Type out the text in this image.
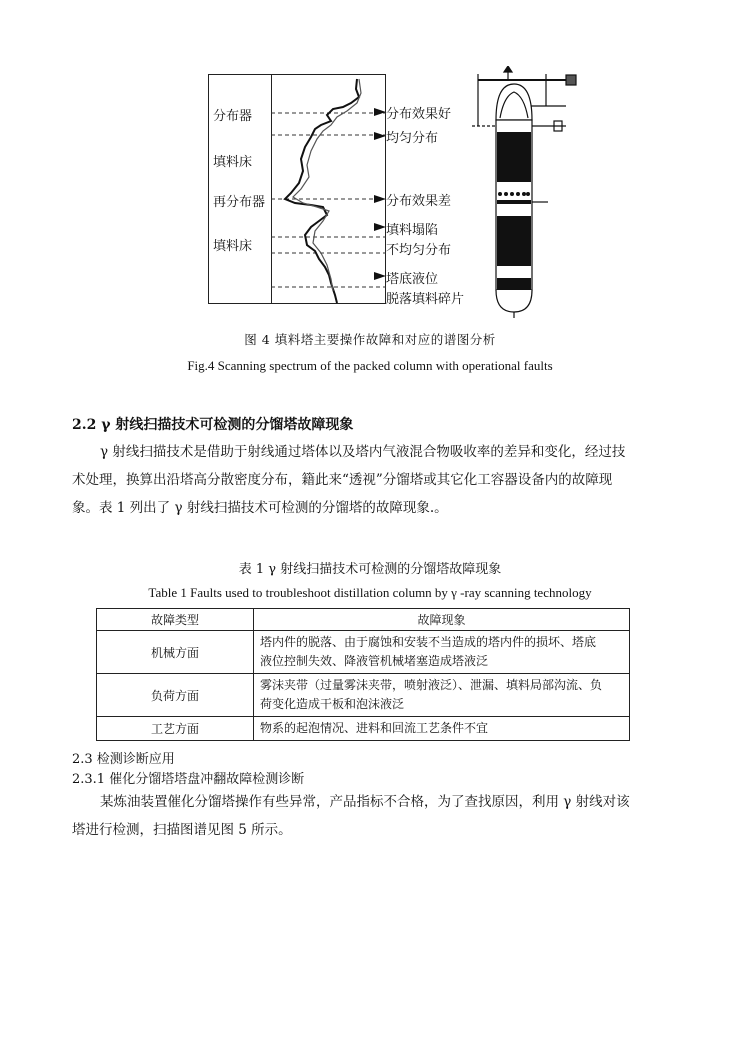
分布器
填料床
再分布器
填料床
分布效果好
均匀分布
分布效果差
填料塌陷
不均匀分布
塔底液位
脱落填料碎片
图 4 填料塔主要操作故障和对应的谱图分析
Fig.4 Scanning spectrum of the packed column with operational faults
2.2 γ 射线扫描技术可检测的分馏塔故障现象
γ 射线扫描技术是借助于射线通过塔体以及塔内气液混合物吸收率的差异和变化，经过技
术处理，换算出沿塔高分散密度分布，籍此来“透视”分馏塔或其它化工容器设备内的故障现
象。表 1 列出了 γ 射线扫描技术可检测的分馏塔的故障现象.。
表 1 γ 射线扫描技术可检测的分馏塔故障现象
Table 1 Faults used to troubleshoot distillation column by γ -ray scanning technology
故障类型	故障现象
机械方面	塔内件的脱落、由于腐蚀和安装不当造成的塔内件的损坏、塔底
液位控制失效、降液管机械堵塞造成塔液泛

负荷方面	雾沫夹带（过量雾沫夹带，喷射液泛）、泄漏、填料局部沟流、负
荷变化造成干板和泡沫液泛

工艺方面	物系的起泡情况、进料和回流工艺条件不宜
2.3 检测诊断应用
2.3.1 催化分馏塔塔盘冲翻故障检测诊断
某炼油装置催化分馏塔操作有些异常，产品指标不合格，为了查找原因，利用 γ 射线对该
塔进行检测，扫描图谱见图 5 所示。
